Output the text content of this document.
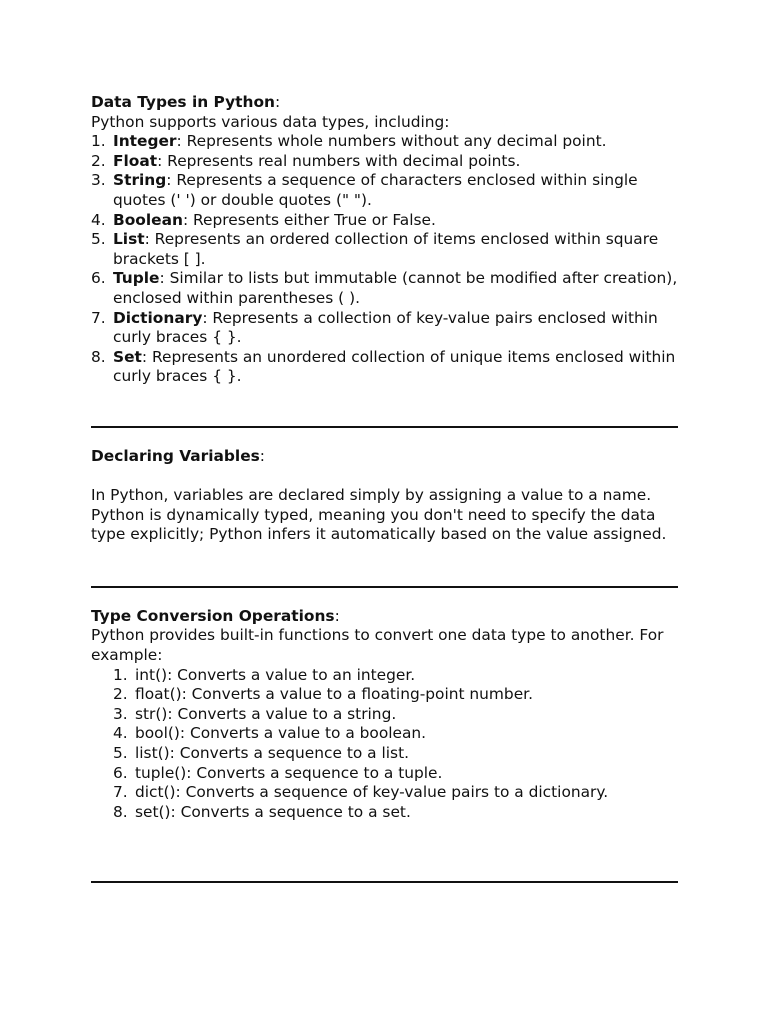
Data Types in Python:
Python supports various data types, including:
1. Integer: Represents whole numbers without any decimal point.
2. Float: Represents real numbers with decimal points.
3. String: Represents a sequence of characters enclosed within single quotes (' ') or double quotes (" ").
4. Boolean: Represents either True or False.
5. List: Represents an ordered collection of items enclosed within square brackets [ ].
6. Tuple: Similar to lists but immutable (cannot be modified after creation), enclosed within parentheses ( ).
7. Dictionary: Represents a collection of key-value pairs enclosed within curly braces { }.
8. Set: Represents an unordered collection of unique items enclosed within curly braces { }.
Declaring Variables:
In Python, variables are declared simply by assigning a value to a name. Python is dynamically typed, meaning you don't need to specify the data type explicitly; Python infers it automatically based on the value assigned.
Type Conversion Operations:
Python provides built-in functions to convert one data type to another. For example:
1. int(): Converts a value to an integer.
2. float(): Converts a value to a floating-point number.
3. str(): Converts a value to a string.
4. bool(): Converts a value to a boolean.
5. list(): Converts a sequence to a list.
6. tuple(): Converts a sequence to a tuple.
7. dict(): Converts a sequence of key-value pairs to a dictionary.
8. set(): Converts a sequence to a set.
